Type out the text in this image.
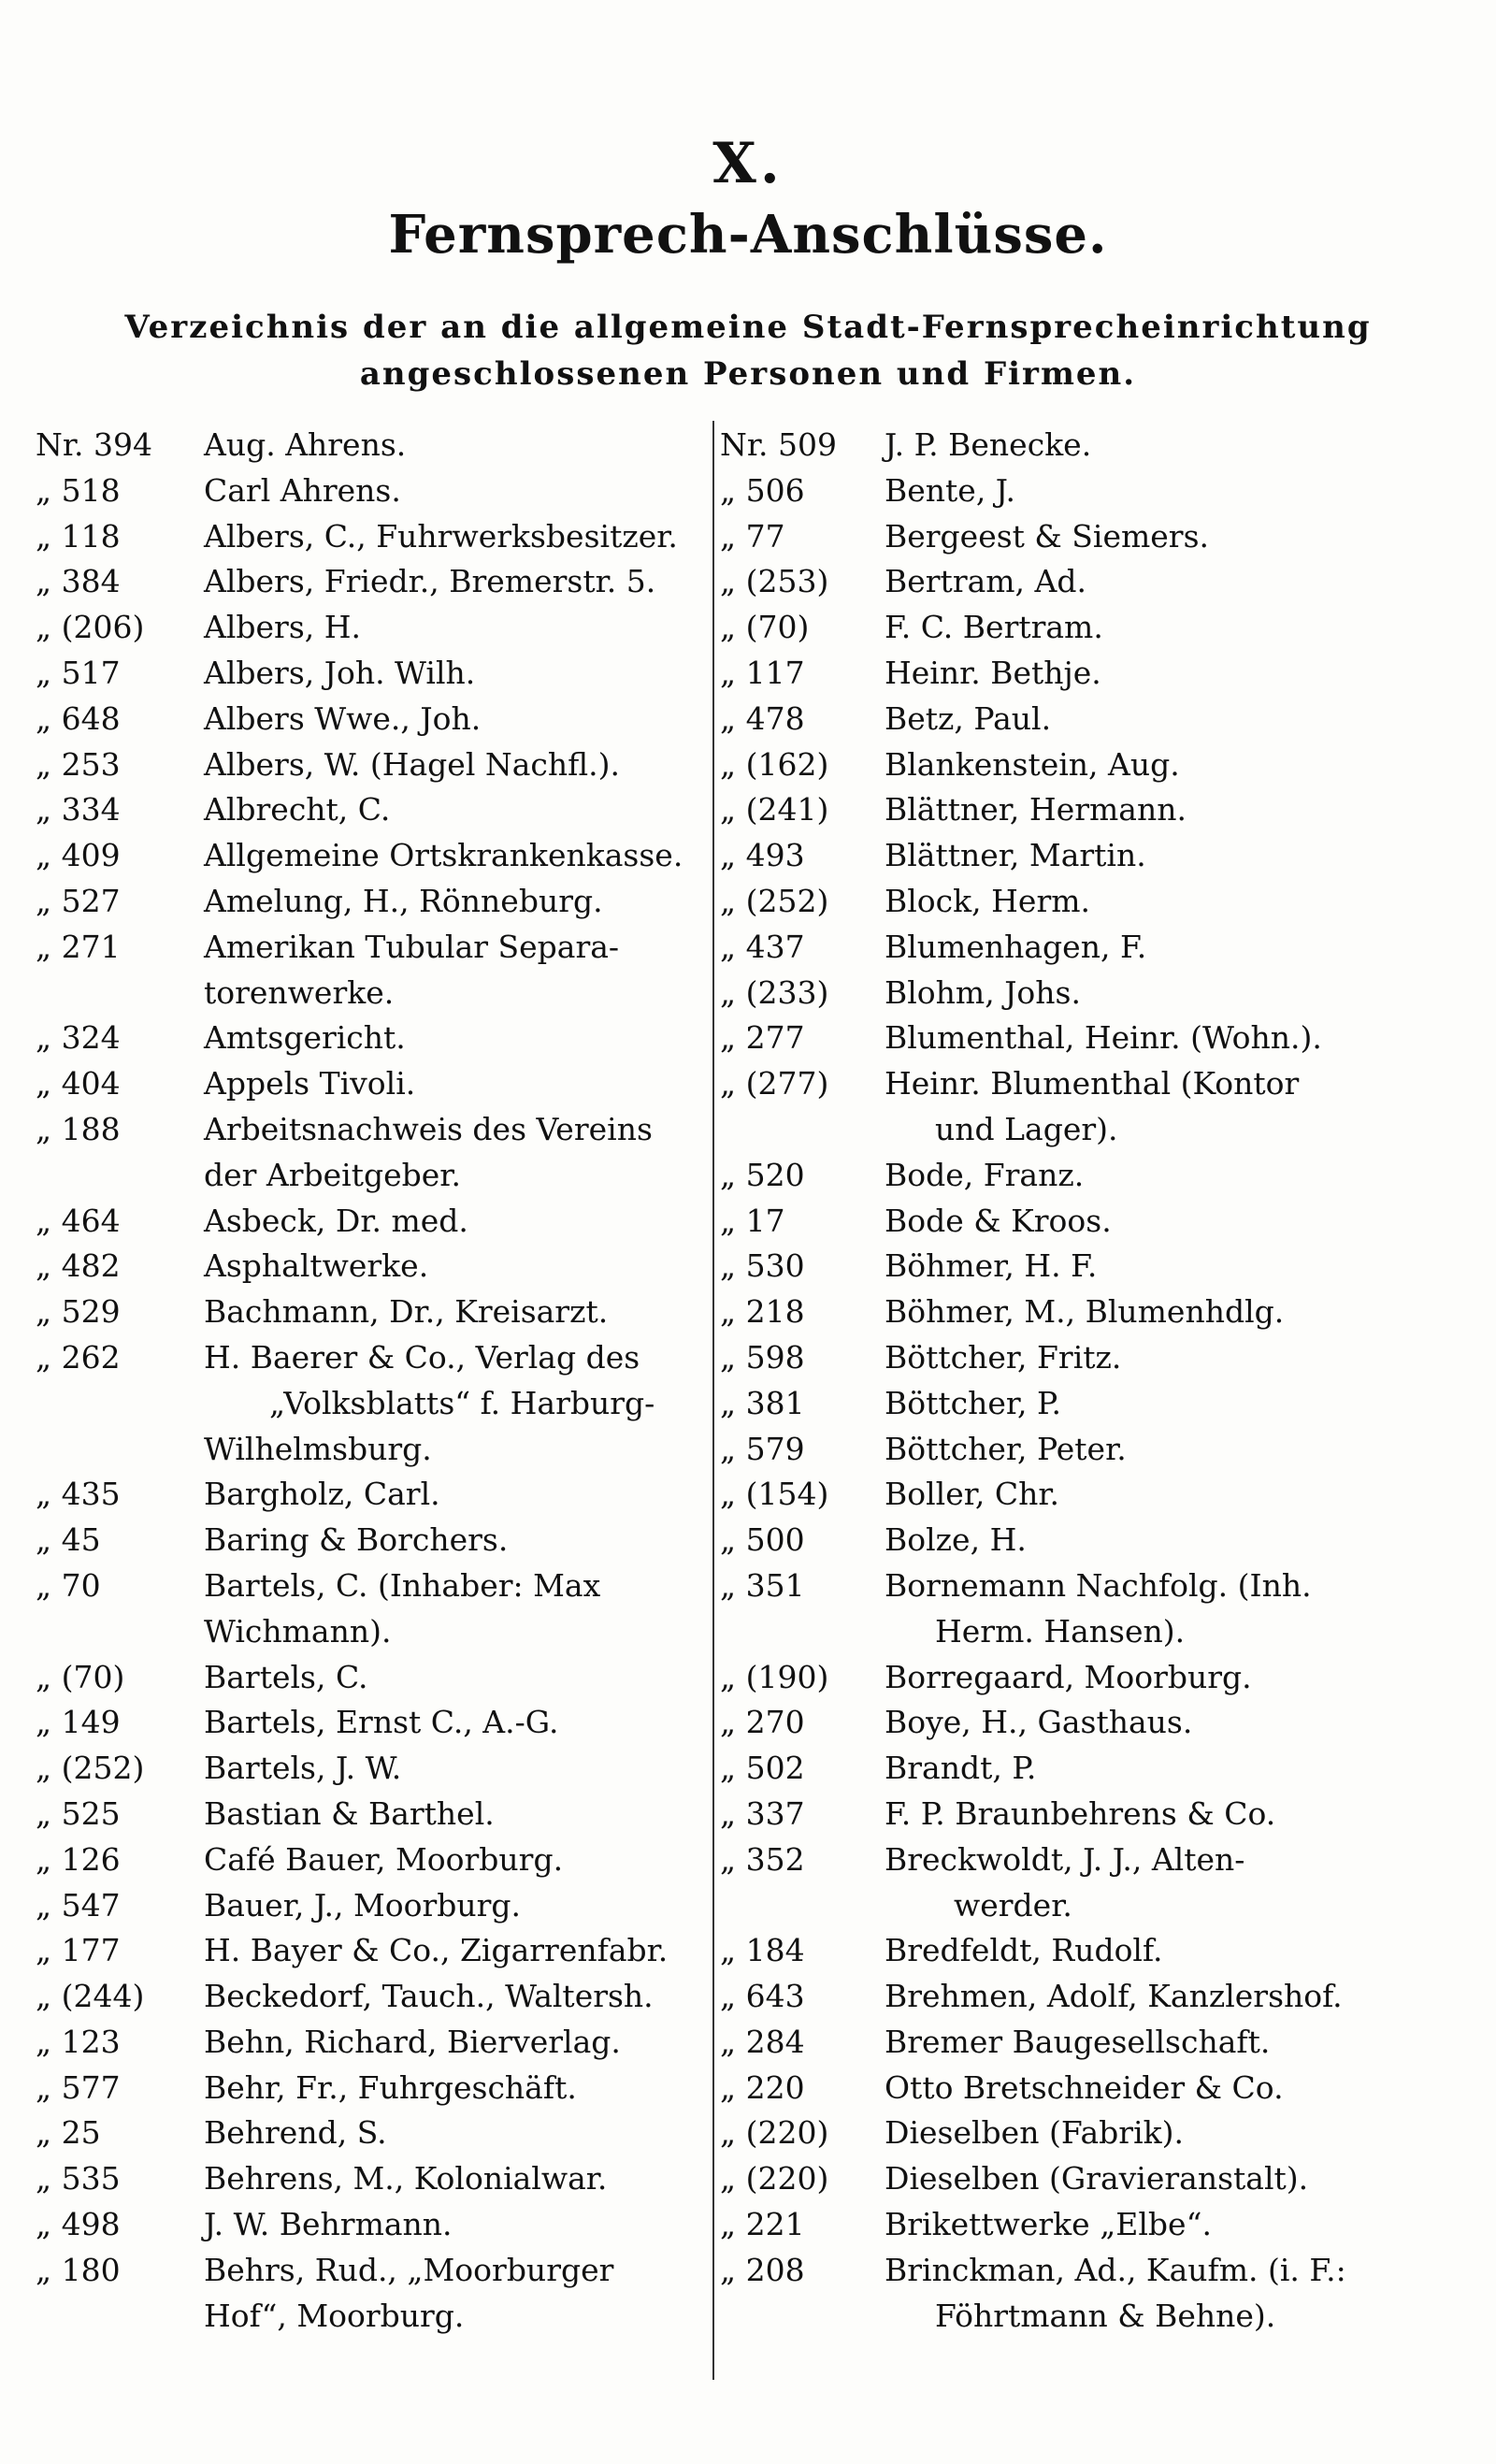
X.
Fernsprech-Anschlüsse.
Verzeichnis der an die allgemeine Stadt-Fernsprecheinrichtung
angeschlossenen Personen und Firmen.
Nr. 394 Aug. Ahrens.
„ 518	Carl Ahrens.
„ 118	Albers, C., Fuhrwerksbesitzer.
„ 384	Albers, Friedr., Bremerstr. 5.
„ (206) Albers, H.
„ 517	Albers, Joh. Wilh.
„ 648	Albers Wwe., Joh.
„ 253	Albers, W. (Hagel Nachfl.).
„ 334	Albrecht, C.
„ 409	Allgemeine Ortskrankenkasse.
„ 527	Amelung, H., Rönneburg.
„ 271	Amerikan Tubular Separa-
torenwerke.
„ 324	Amtsgericht.
„ 404	Appels Tivoli.
„ 188	Arbeitsnachweis des Vereins
der Arbeitgeber.
„ 464	Asbeck, Dr. med.
„ 482	Asphaltwerke.
„ 529	Bachmann, Dr., Kreisarzt.
„ 262	H. Baerer & Co., Verlag des
„Volksblatts“ f. Harburg-
Wilhelmsburg.
„ 435	Bargholz, Carl.
„ 45	Baring & Borchers.
„ 70	Bartels, C. (Inhaber: Max
Wichmann).
„ (70)	Bartels, C.
„ 149	Bartels, Ernst C., A.-G.
„ (252) Bartels, J. W.
„ 525	Bastian & Barthel.
„ 126	Café Bauer, Moorburg.
„ 547	Bauer, J., Moorburg.
„ 177	H. Bayer & Co., Zigarrenfabr.
„ (244) Beckedorf, Tauch., Waltersh.
„ 123	Behn, Richard, Bierverlag.
„ 577	Behr, Fr., Fuhrgeschäft.
„ 25	Behrend, S.
„ 535	Behrens, M., Kolonialwar.
„ 498	J. W. Behrmann.
„ 180	Behrs, Rud., „Moorburger
Hof“, Moorburg.
Nr. 509 J. P. Benecke.
„ 506	Bente, J.
„ 77	Bergeest & Siemers.
„ (253) Bertram, Ad.
„ (70) F. C. Bertram.
„ 117	Heinr. Bethje.
„ 478	Betz, Paul.
„ (162) Blankenstein, Aug.
„ (241) Blättner, Hermann.
„ 493	Blättner, Martin.
„ (252) Block, Herm.
„ 437	Blumenhagen, F.
„ (233) Blohm, Johs.
„ 277	Blumenthal, Heinr. (Wohn.).
„ (277) Heinr. Blumenthal (Kontor
und Lager).
„ 520	Bode, Franz.
„ 17	Bode & Kroos.
„ 530	Böhmer, H. F.
„ 218	Böhmer, M., Blumenhdlg.
„ 598	Böttcher, Fritz.
„ 381	Böttcher, P.
„ 579	Böttcher, Peter.
„ (154) Boller, Chr.
„ 500	Bolze, H.
„ 351	Bornemann Nachfolg. (Inh.
Herm. Hansen).
„ (190) Borregaard, Moorburg.
„ 270	Boye, H., Gasthaus.
„ 502	Brandt, P.
„ 337	F. P. Braunbehrens & Co.
„ 352	Breckwoldt, J. J., Alten-
werder.
„ 184	Bredfeldt, Rudolf.
„ 643	Brehmen, Adolf, Kanzlershof.
„ 284	Bremer Baugesellschaft.
„ 220	Otto Bretschneider & Co.
„ (220) Dieselben (Fabrik).
„ (220) Dieselben (Gravieranstalt).
„ 221	Brikettwerke „Elbe“.
„ 208	Brinckman, Ad., Kaufm. (i. F.:
Föhrtmann & Behne).
